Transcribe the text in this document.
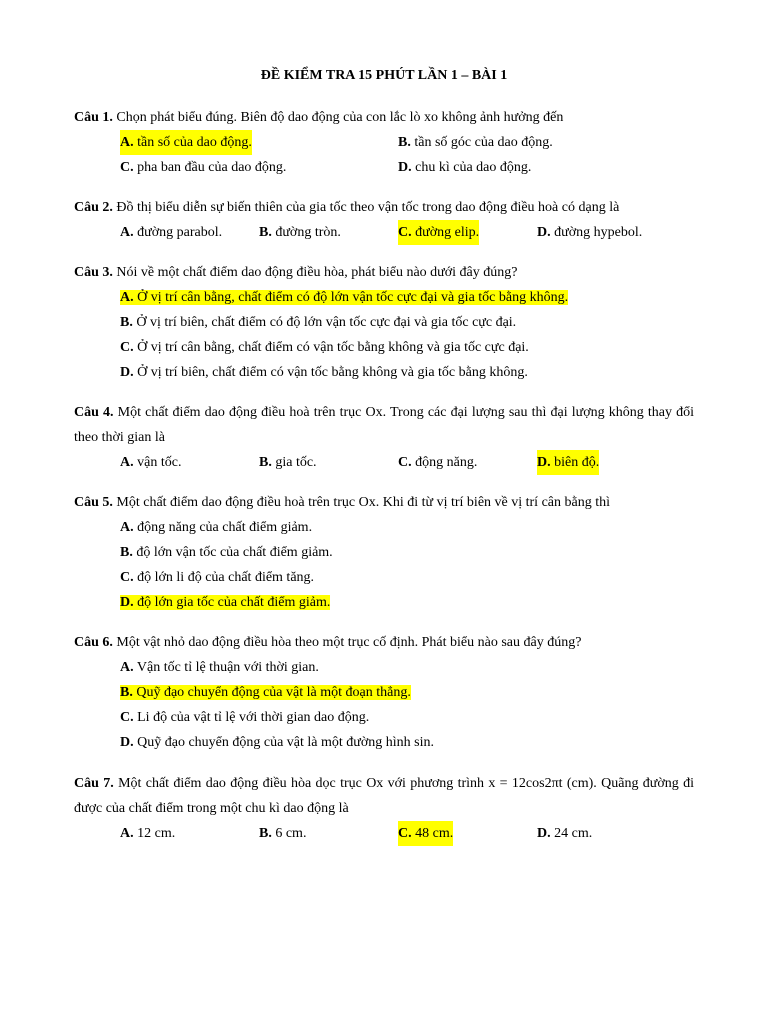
ĐỀ KIỂM TRA 15 PHÚT LẦN 1 – BÀI 1
Câu 1. Chọn phát biểu đúng. Biên độ dao động của con lắc lò xo không ảnh hưởng đến
A. tần số của dao động.	B. tần số góc của dao động.
C. pha ban đầu của dao động.	D. chu kì của dao động.
Câu 2. Đồ thị biểu diễn sự biến thiên của gia tốc theo vận tốc trong dao động điều hoà có dạng là
A. đường parabol.	B. đường tròn.	C. đường elip.	D. đường hypebol.
Câu 3. Nói về một chất điểm dao động điều hòa, phát biểu nào dưới đây đúng?
A. Ở vị trí cân bằng, chất điểm có độ lớn vận tốc cực đại và gia tốc bằng không.
B. Ở vị trí biên, chất điểm có độ lớn vận tốc cực đại và gia tốc cực đại.
C. Ở vị trí cân bằng, chất điểm có vận tốc bằng không và gia tốc cực đại.
D. Ở vị trí biên, chất điểm có vận tốc bằng không và gia tốc bằng không.
Câu 4. Một chất điểm dao động điều hoà trên trục Ox. Trong các đại lượng sau thì đại lượng không thay đổi theo thời gian là
A. vận tốc.	B. gia tốc.	C. động năng.	D. biên độ.
Câu 5. Một chất điểm dao động điều hoà trên trục Ox. Khi đi từ vị trí biên về vị trí cân bằng thì
A. động năng của chất điểm giảm.
B. độ lớn vận tốc của chất điểm giảm.
C. độ lớn li độ của chất điểm tăng.
D. độ lớn gia tốc của chất điểm giảm.
Câu 6. Một vật nhỏ dao động điều hòa theo một trục cố định. Phát biểu nào sau đây đúng?
A. Vận tốc tỉ lệ thuận với thời gian.
B. Quỹ đạo chuyển động của vật là một đoạn thẳng.
C. Li độ của vật tỉ lệ với thời gian dao động.
D. Quỹ đạo chuyển động của vật là một đường hình sin.
Câu 7. Một chất điểm dao động điều hòa dọc trục Ox với phương trình x = 12cos2πt (cm). Quãng đường đi được của chất điểm trong một chu kì dao động là
A. 12 cm.	B. 6 cm.	C. 48 cm.	D. 24 cm.
